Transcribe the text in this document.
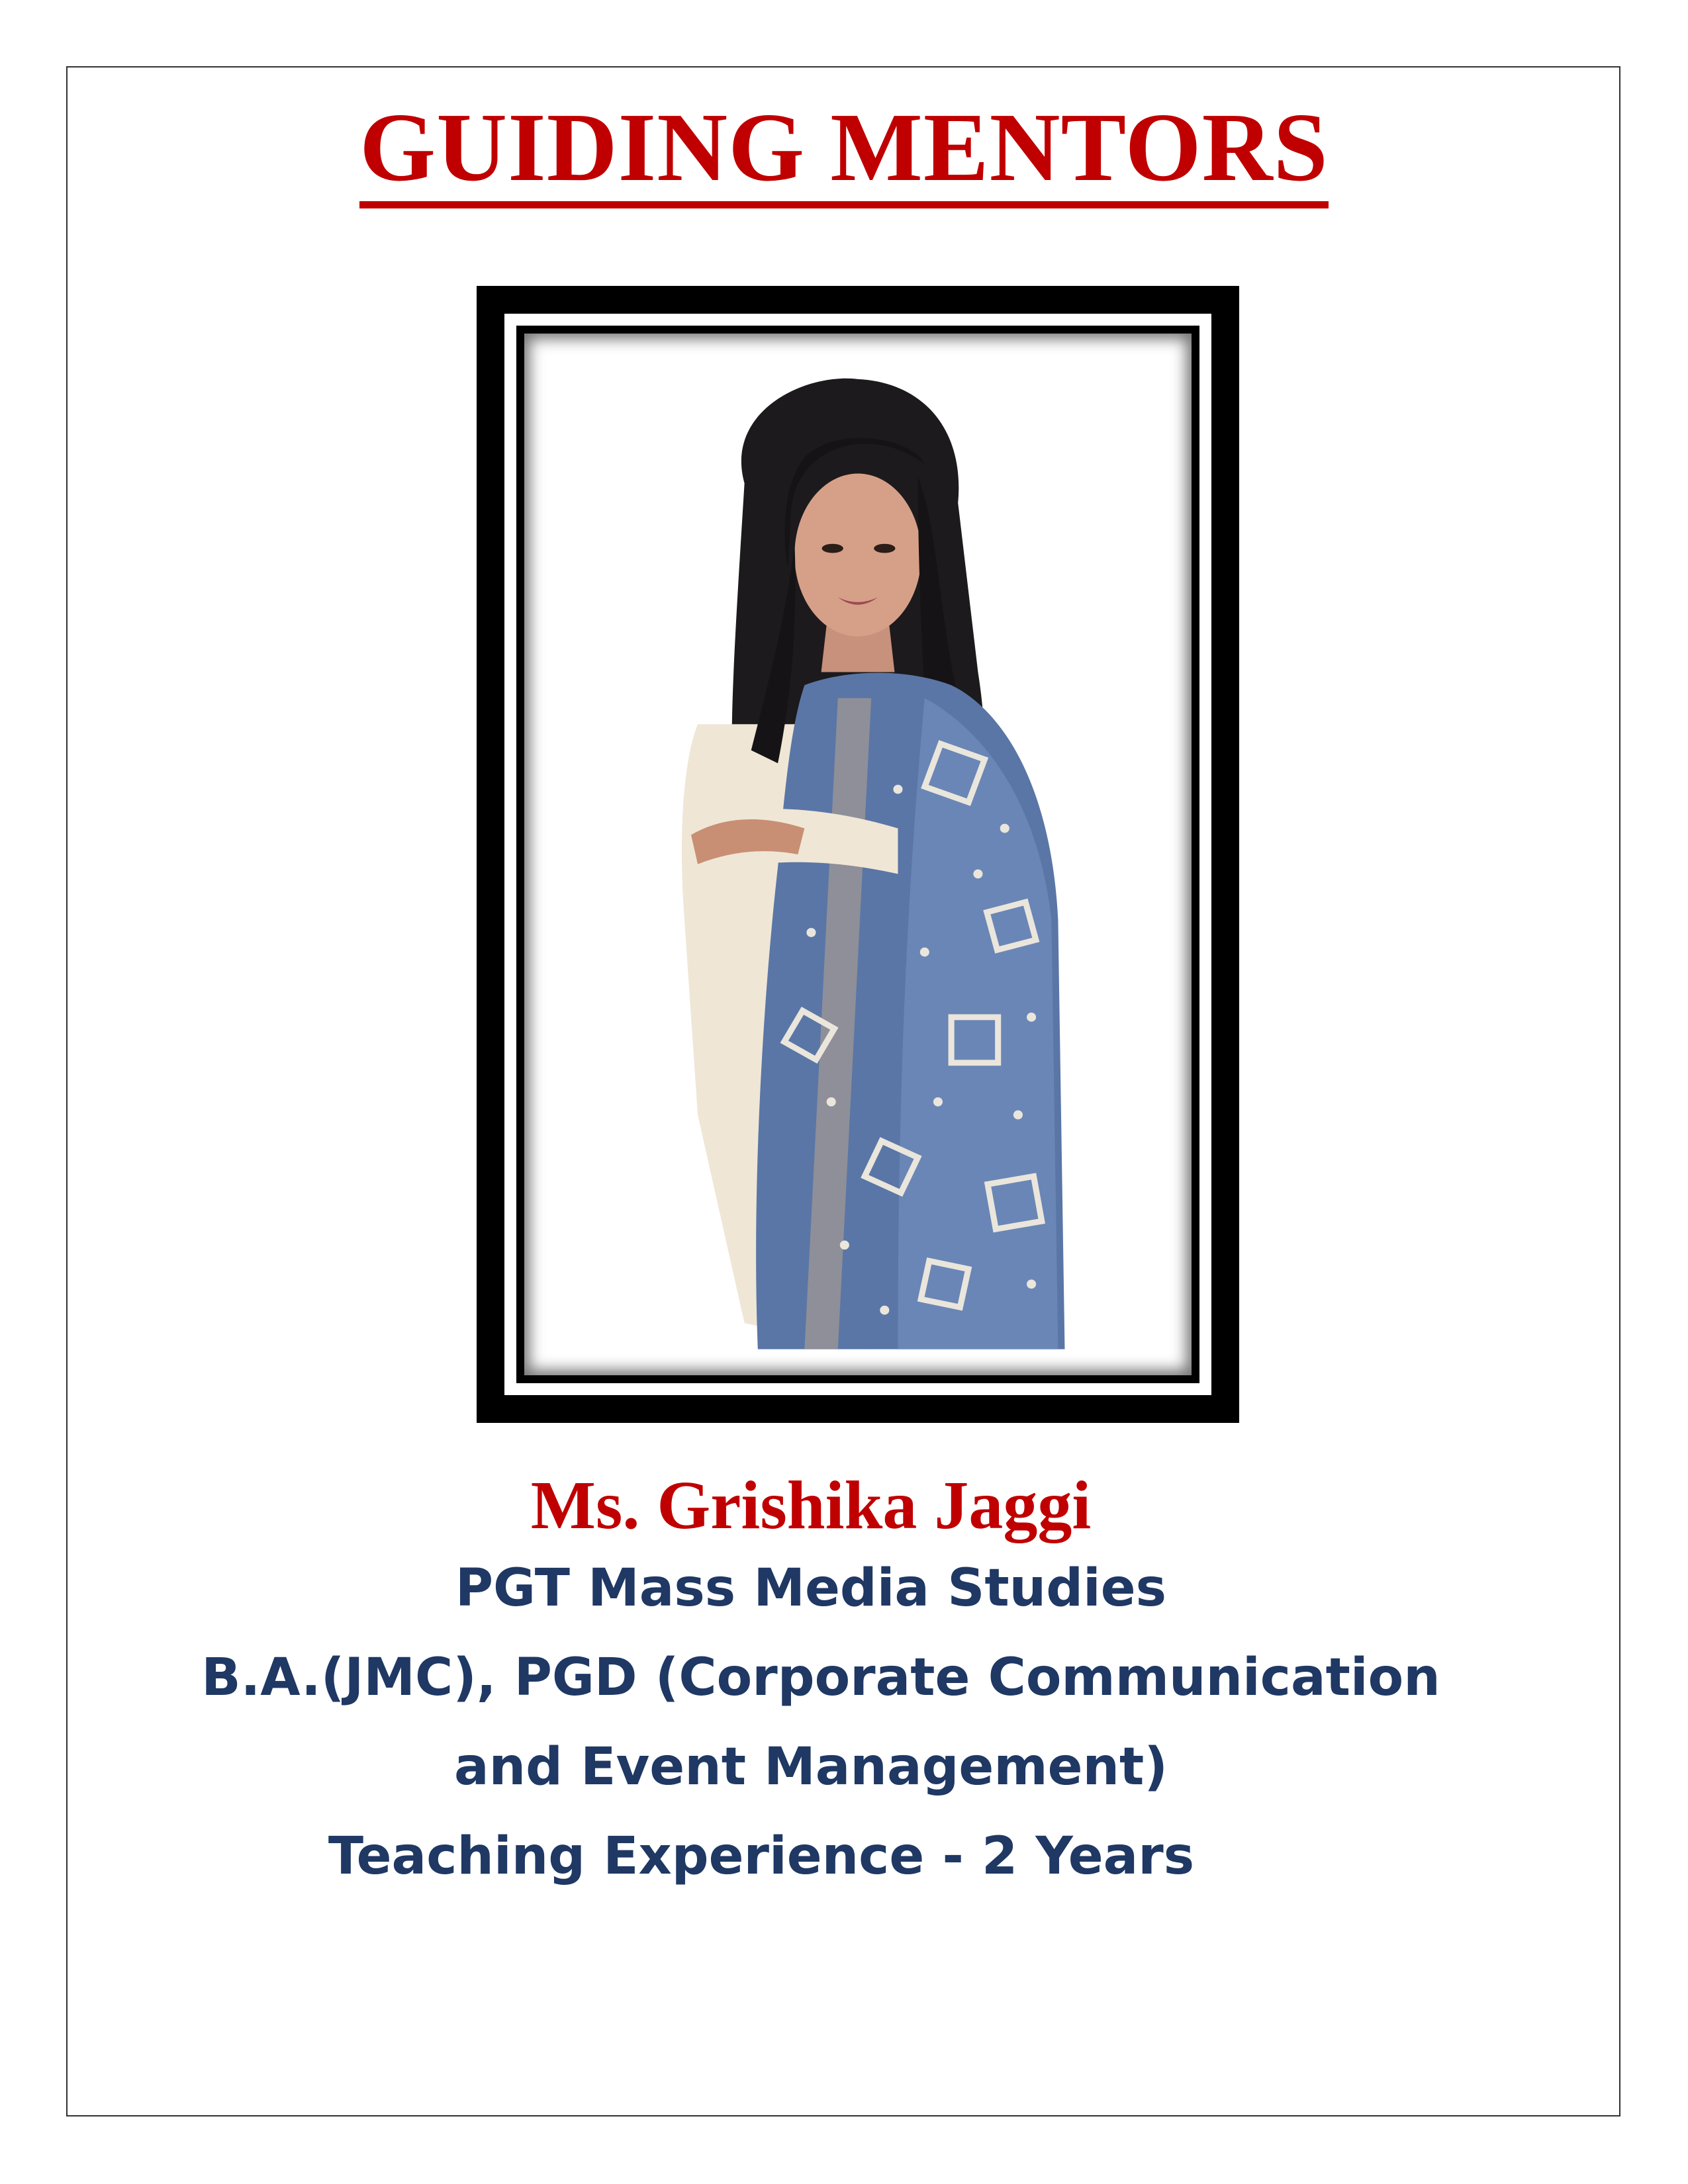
GUIDING MENTORS
Ms. Grishika Jaggi
PGT Mass Media Studies
B.A.(JMC), PGD (Corporate Communication
and Event Management)
Teaching Experience - 2 Years
